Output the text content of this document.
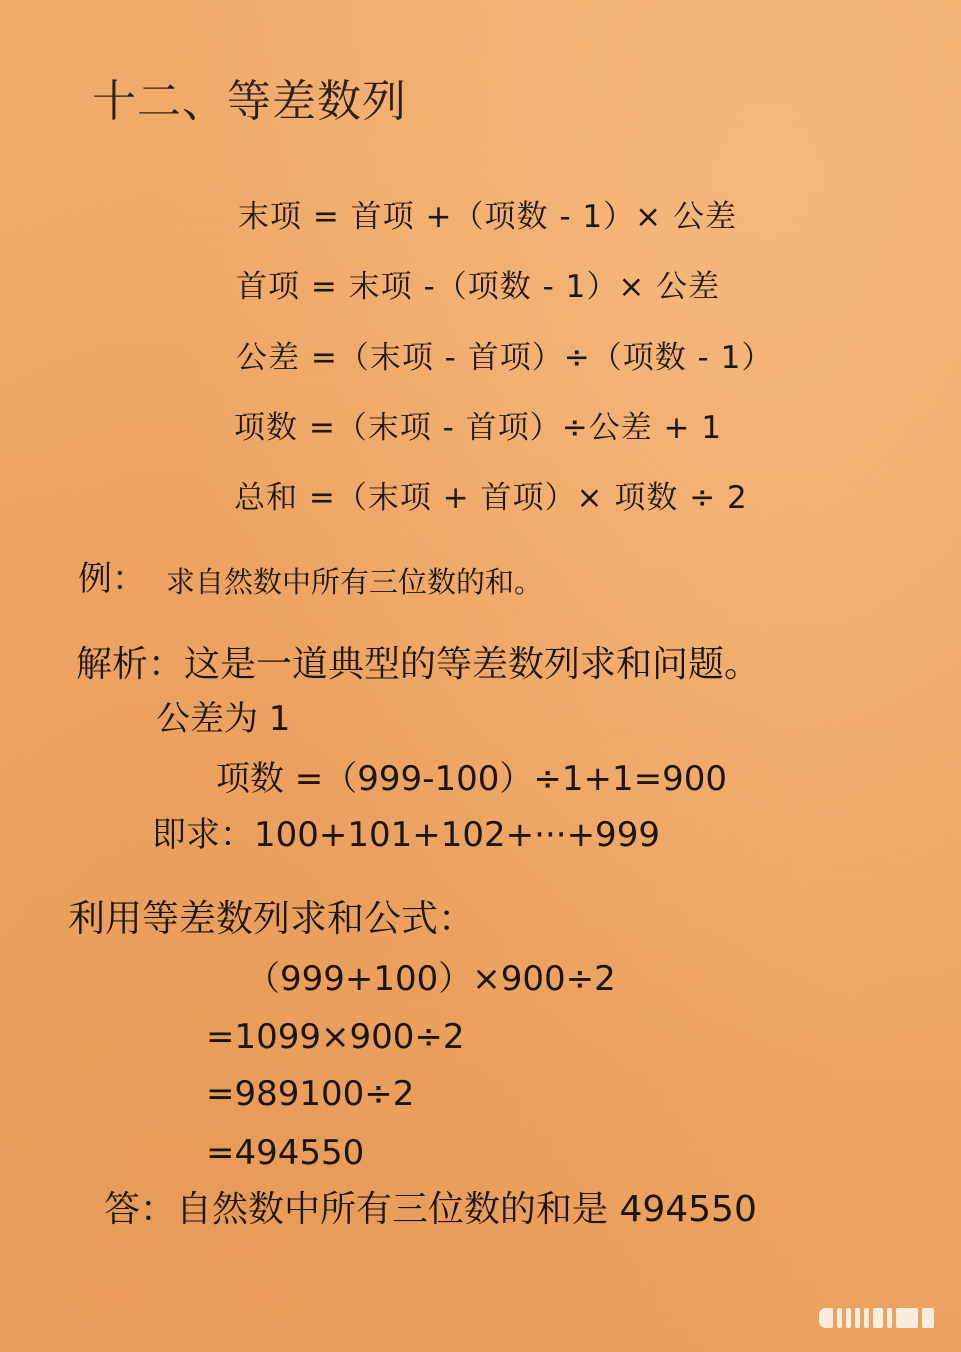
十二、等差数列
末项 = 首项 +（项数 - 1）× 公差
首项 = 末项 -（项数 - 1）× 公差
公差 =（末项 - 首项）÷（项数 - 1）
项数 =（末项 - 首项）÷公差 + 1
总和 =（末项 + 首项）× 项数 ÷ 2
例： 求自然数中所有三位数的和。
解析：这是一道典型的等差数列求和问题。
公差为 1
项数 =（999-100）÷1+1=900
即求：100+101+102+···+999
利用等差数列求和公式：
（999+100）×900÷2
=1099×900÷2
=989100÷2
=494550
答：自然数中所有三位数的和是 494550
